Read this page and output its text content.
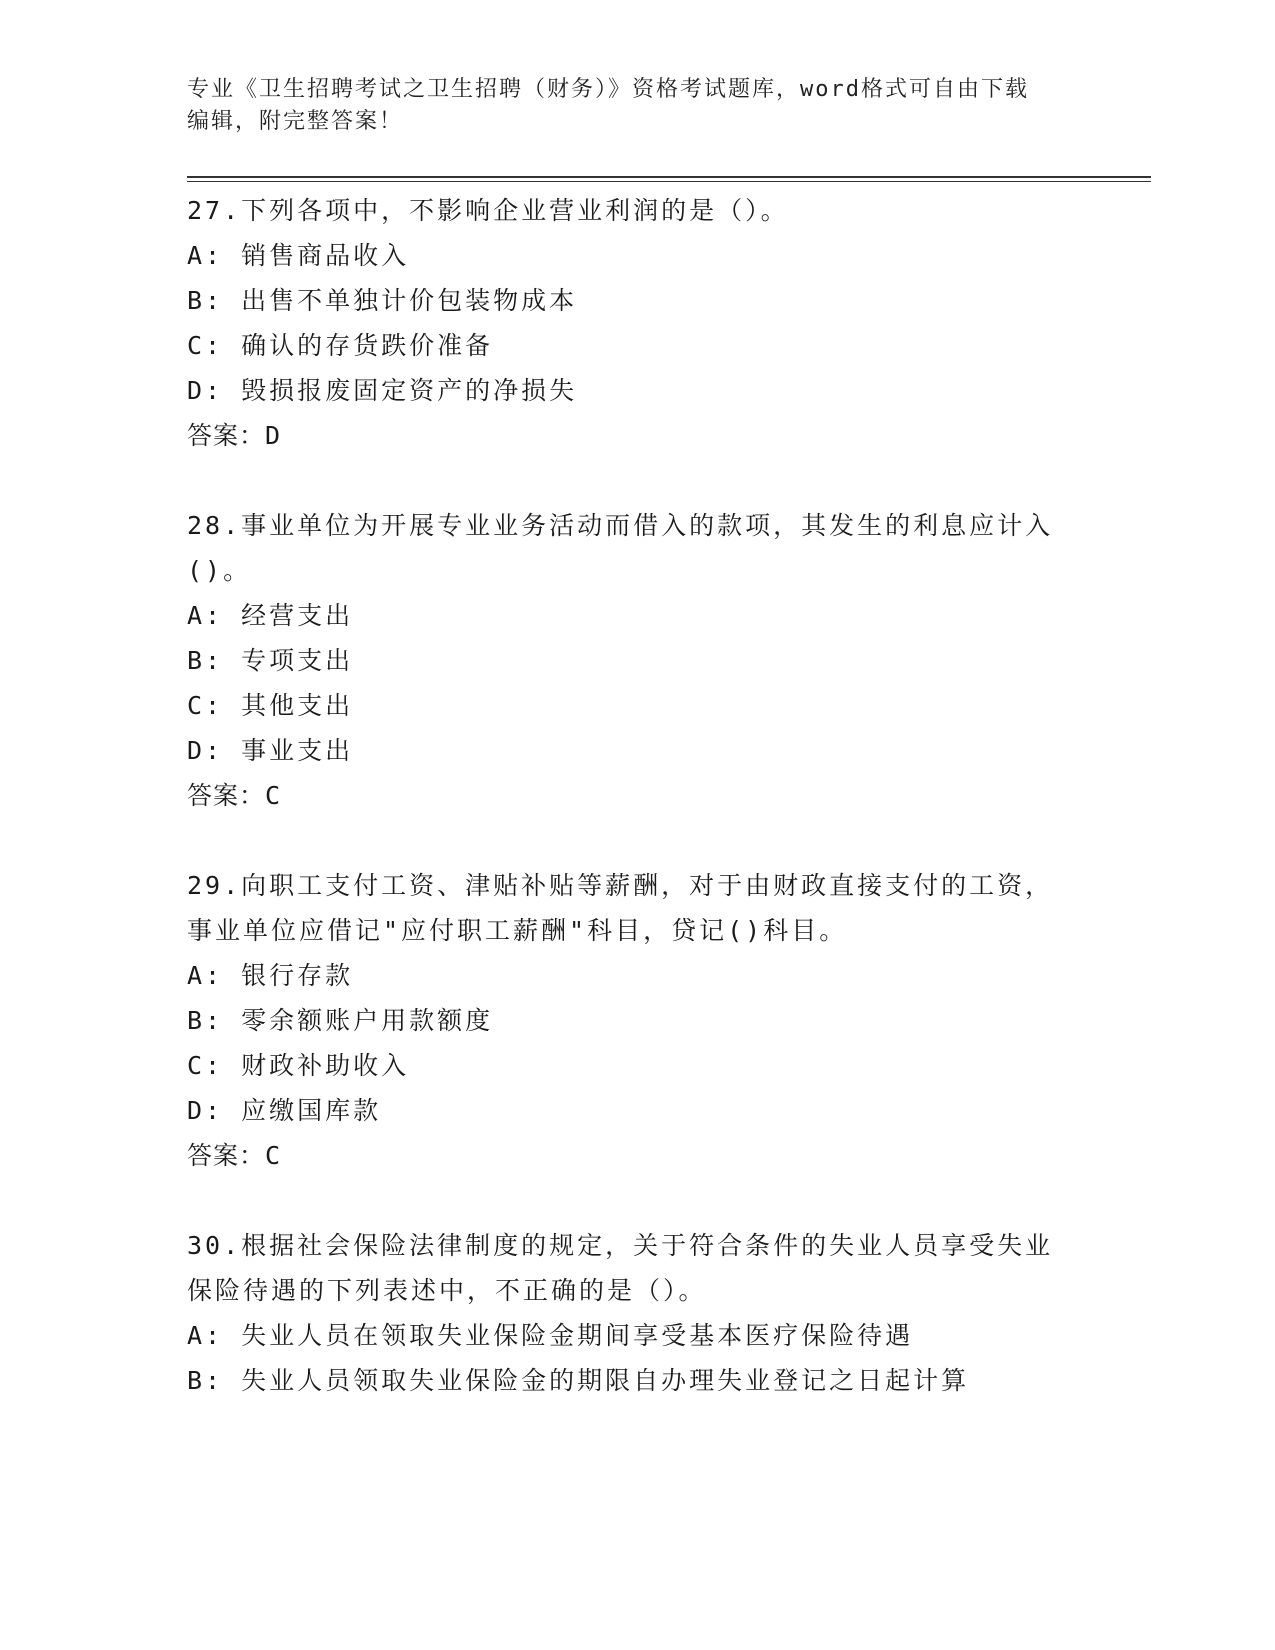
专业《卫生招聘考试之卫生招聘（财务）》资格考试题库，word格式可自由下载
编辑，附完整答案！
27.下列各项中，不影响企业营业利润的是（）。
A: 销售商品收入
B: 出售不单独计价包装物成本
C: 确认的存货跌价准备
D: 毁损报废固定资产的净损失
答案：D
28.事业单位为开展专业业务活动而借入的款项，其发生的利息应计入
()。
A: 经营支出
B: 专项支出
C: 其他支出
D: 事业支出
答案：C
29.向职工支付工资、津贴补贴等薪酬，对于由财政直接支付的工资，
事业单位应借记"应付职工薪酬"科目，贷记()科目。
A: 银行存款
B: 零余额账户用款额度
C: 财政补助收入
D: 应缴国库款
答案：C
30.根据社会保险法律制度的规定，关于符合条件的失业人员享受失业
保险待遇的下列表述中，不正确的是（）。
A: 失业人员在领取失业保险金期间享受基本医疗保险待遇
B: 失业人员领取失业保险金的期限自办理失业登记之日起计算
